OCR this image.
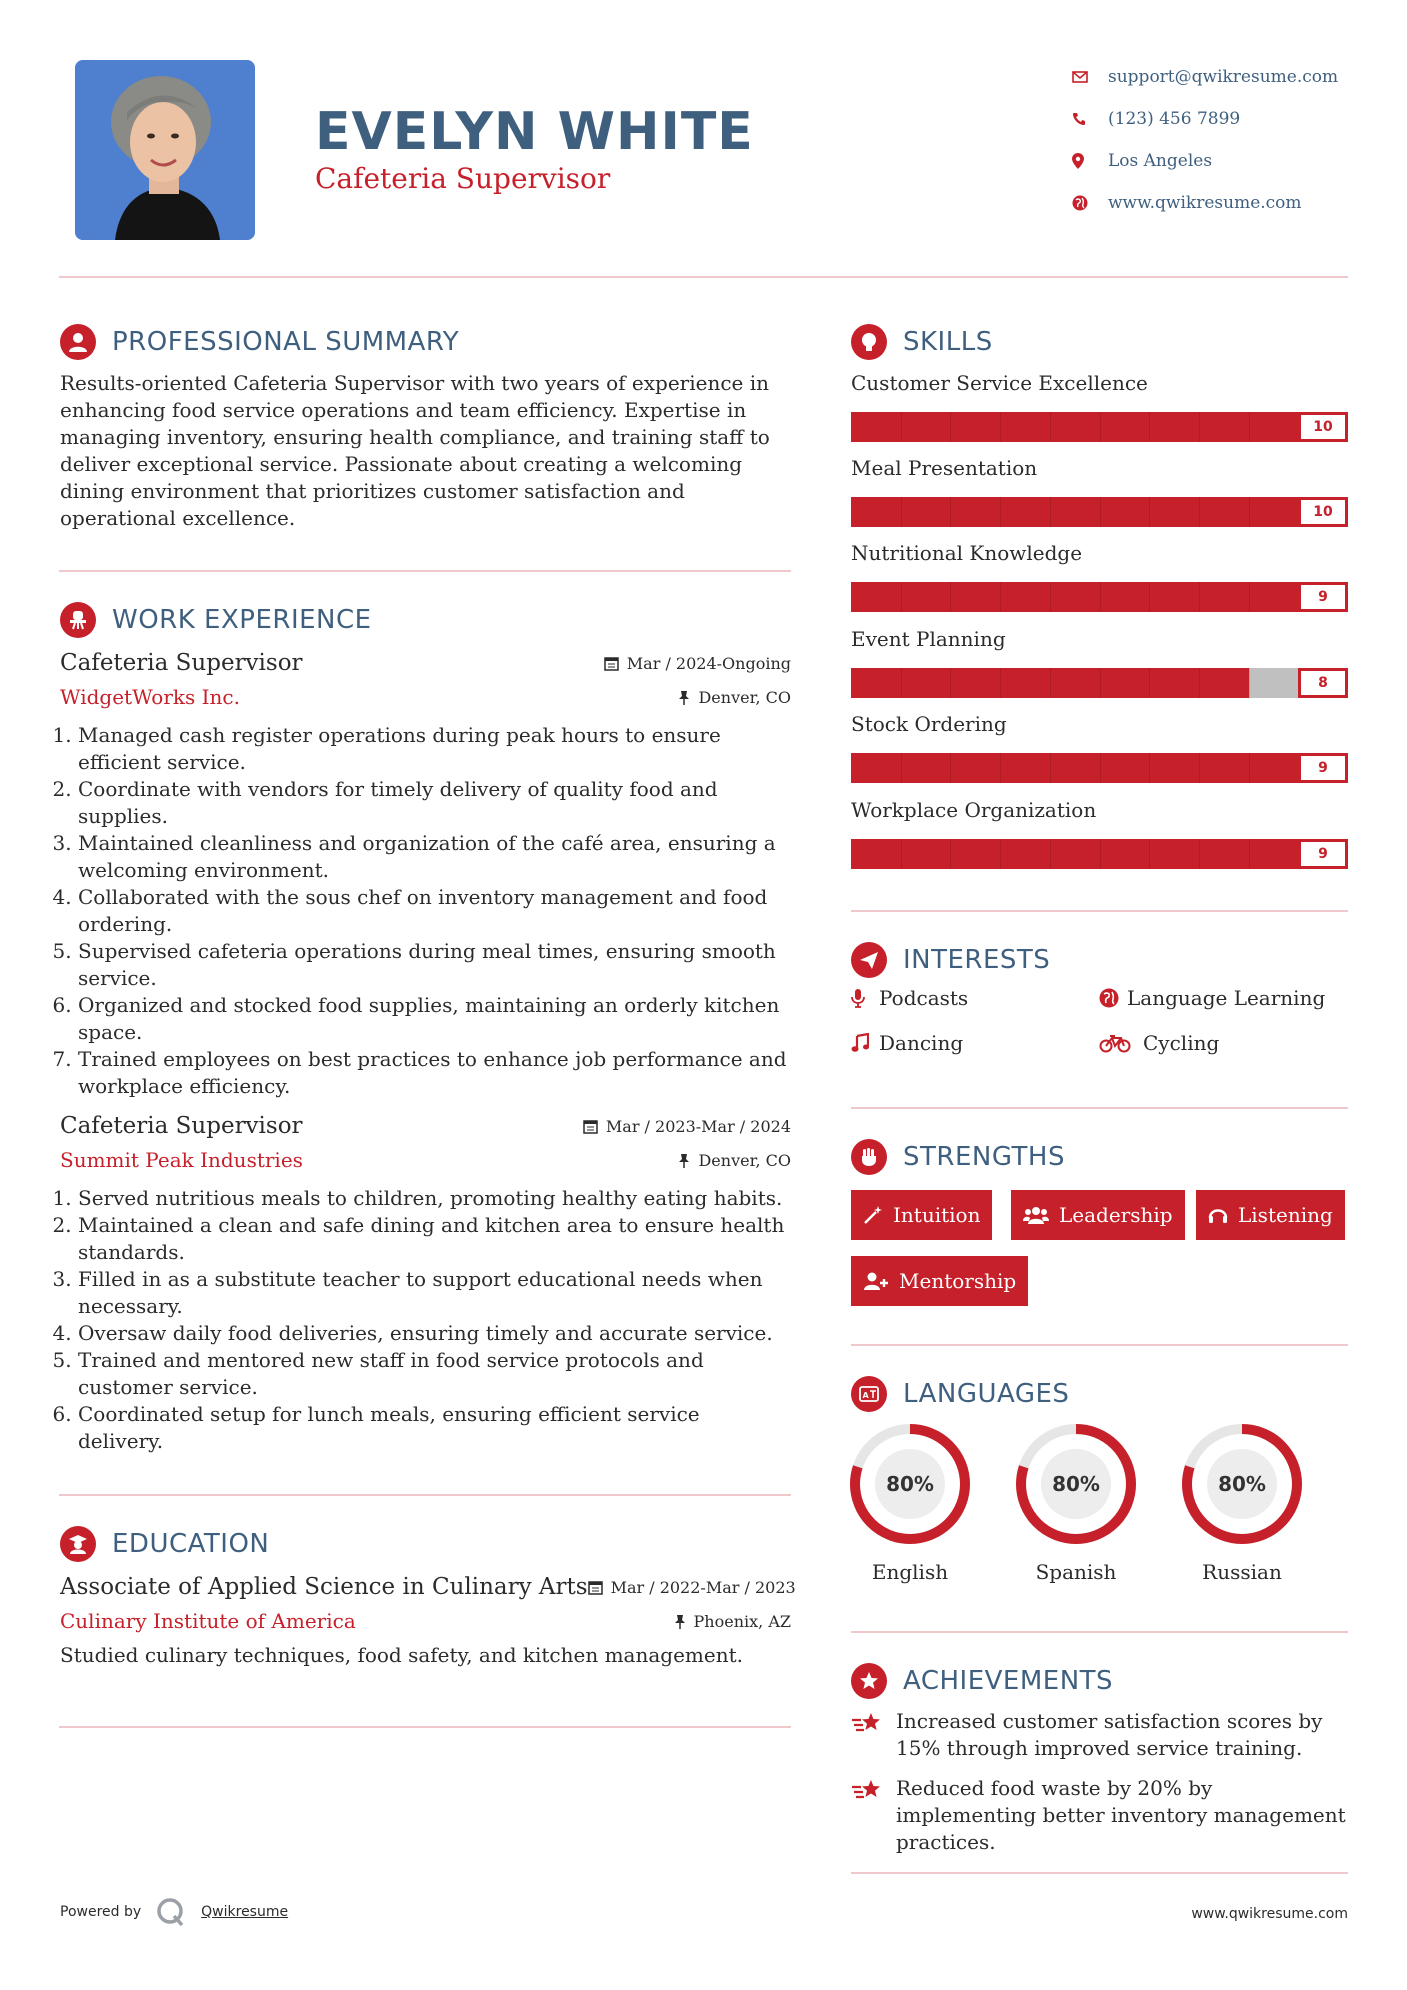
EVELYN WHITE
Cafeteria Supervisor
support@qwikresume.com
(123) 456 7899
Los Angeles
www.qwikresume.com
PROFESSIONAL SUMMARY
Results-oriented Cafeteria Supervisor with two years of experience in enhancing food service operations and team efficiency. Expertise in managing inventory, ensuring health compliance, and training staff to deliver exceptional service. Passionate about creating a welcoming dining environment that prioritizes customer satisfaction and operational excellence.
WORK EXPERIENCE
Cafeteria Supervisor	Mar / 2024-Ongoing
WidgetWorks Inc.	Denver, CO
1. Managed cash register operations during peak hours to ensure efficient service.
2. Coordinate with vendors for timely delivery of quality food and supplies.
3. Maintained cleanliness and organization of the café area, ensuring a welcoming environment.
4. Collaborated with the sous chef on inventory management and food ordering.
5. Supervised cafeteria operations during meal times, ensuring smooth service.
6. Organized and stocked food supplies, maintaining an orderly kitchen space.
7. Trained employees on best practices to enhance job performance and workplace efficiency.
Cafeteria Supervisor	Mar / 2023-Mar / 2024
Summit Peak Industries	Denver, CO
1. Served nutritious meals to children, promoting healthy eating habits.
2. Maintained a clean and safe dining and kitchen area to ensure health standards.
3. Filled in as a substitute teacher to support educational needs when necessary.
4. Oversaw daily food deliveries, ensuring timely and accurate service.
5. Trained and mentored new staff in food service protocols and customer service.
6. Coordinated setup for lunch meals, ensuring efficient service delivery.
EDUCATION
Associate of Applied Science in Culinary Arts Mar / 2022-Mar / 2023
Culinary Institute of America	Phoenix, AZ
Studied culinary techniques, food safety, and kitchen management.
SKILLS
Customer Service Excellence
10
Meal Presentation
10
Nutritional Knowledge
9
Event Planning
8
Stock Ordering
9
Workplace Organization
9
INTERESTS
Podcasts	Language Learning
Dancing	Cycling
STRENGTHS
Intuition	Leadership	Listening
Mentorship
A LANGUAGES
80%
English
80%
Spanish
80%
Russian
ACHIEVEMENTS
Increased customer satisfaction scores by 15% through improved service training.
Reduced food waste by 20% by implementing better inventory management practices.
Powered by	Qwikresume	www.qwikresume.com
